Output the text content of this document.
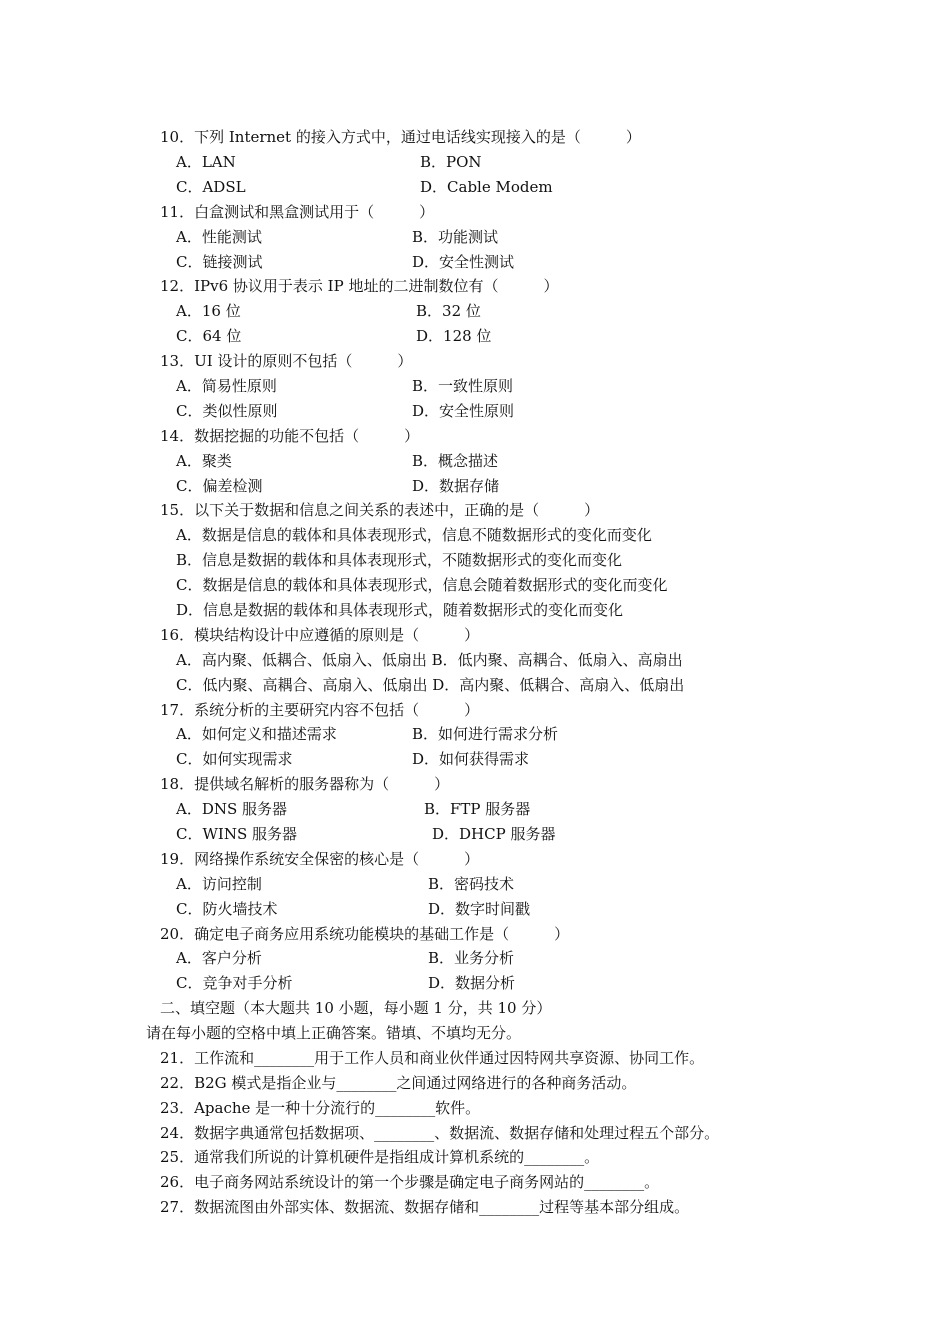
10．下列 Internet 的接入方式中，通过电话线实现接入的是（　　　）
A．LAN	B．PON
C．ADSL	D．Cable Modem
11．白盒测试和黑盒测试用于（　　　）
A．性能测试	B．功能测试
C．链接测试	D．安全性测试
12．IPv6 协议用于表示 IP 地址的二进制数位有（　　　）
A．16 位	B．32 位
C．64 位	D．128 位
13．UI 设计的原则不包括（　　　）
A．简易性原则	B．一致性原则
C．类似性原则	D．安全性原则
14．数据挖掘的功能不包括（　　　）
A．聚类	B．概念描述
C．偏差检测	D．数据存储
15．以下关于数据和信息之间关系的表述中，正确的是（　　　）
A．数据是信息的载体和具体表现形式，信息不随数据形式的变化而变化
B．信息是数据的载体和具体表现形式，不随数据形式的变化而变化
C．数据是信息的载体和具体表现形式，信息会随着数据形式的变化而变化
D．信息是数据的载体和具体表现形式，随着数据形式的变化而变化
16．模块结构设计中应遵循的原则是（　　　）
A．高内聚、低耦合、低扇入、低扇出 B．低内聚、高耦合、低扇入、高扇出
C．低内聚、高耦合、高扇入、低扇出 D．高内聚、低耦合、高扇入、低扇出
17．系统分析的主要研究内容不包括（　　　）
A．如何定义和描述需求	B．如何进行需求分析
C．如何实现需求	D．如何获得需求
18．提供域名解析的服务器称为（　　　）
A．DNS 服务器	B．FTP 服务器
C．WINS 服务器	D．DHCP 服务器
19．网络操作系统安全保密的核心是（　　　）
A．访问控制	B．密码技术
C．防火墙技术	D．数字时间戳
20．确定电子商务应用系统功能模块的基础工作是（　　　）
A．客户分析	B．业务分析
C．竞争对手分析	D．数据分析
二、填空题（本大题共 10 小题，每小题 1 分，共 10 分）
请在每小题的空格中填上正确答案。错填、不填均无分。
21．工作流和________用于工作人员和商业伙伴通过因特网共享资源、协同工作。
22．B2G 模式是指企业与________之间通过网络进行的各种商务活动。
23．Apache 是一种十分流行的________软件。
24．数据字典通常包括数据项、________、数据流、数据存储和处理过程五个部分。
25．通常我们所说的计算机硬件是指组成计算机系统的________。
26．电子商务网站系统设计的第一个步骤是确定电子商务网站的________。
27．数据流图由外部实体、数据流、数据存储和________过程等基本部分组成。
